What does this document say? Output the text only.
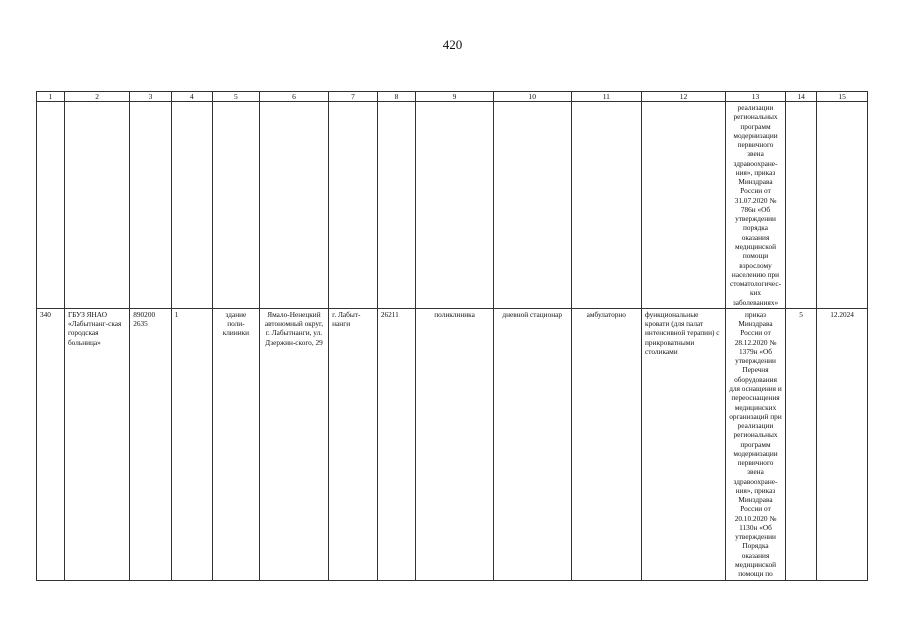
420
1	2	3	4	5	6	7	8	9	10	11	12	13	14	15
												реализации региональных программ модернизации первичного звена здравоохране-ния», приказ Минздрава России от 31.07.2020 № 786н «Об утверждении порядка оказания медицинской помощи взрослому населению при стоматологичес-ких заболеваниях»		
340	ГБУЗ ЯНАО «Лабытнанг-ская городская больница»	890200 2635	1	здание поли-клиники	Ямало-Ненецкий автономный округ, г. Лабытнанги, ул. Дзержин-ского, 29	г. Лабыт-нанги	26211	поликлиника	дневной стационар	амбулаторно	функциональные кровати (для палат интенсивной терапии) с прикроватными столиками	приказ Минздрава России от 28.12.2020 № 1379н «Об утверждении Перечня оборудования для оснащения и переоснащения медицинских организаций при реализации региональных программ модернизации первичного звена здравоохране-ния», приказ Минздрава России от 20.10.2020 № 1130н «Об утверждении Порядка оказания медицинской помощи по	5	12.2024
